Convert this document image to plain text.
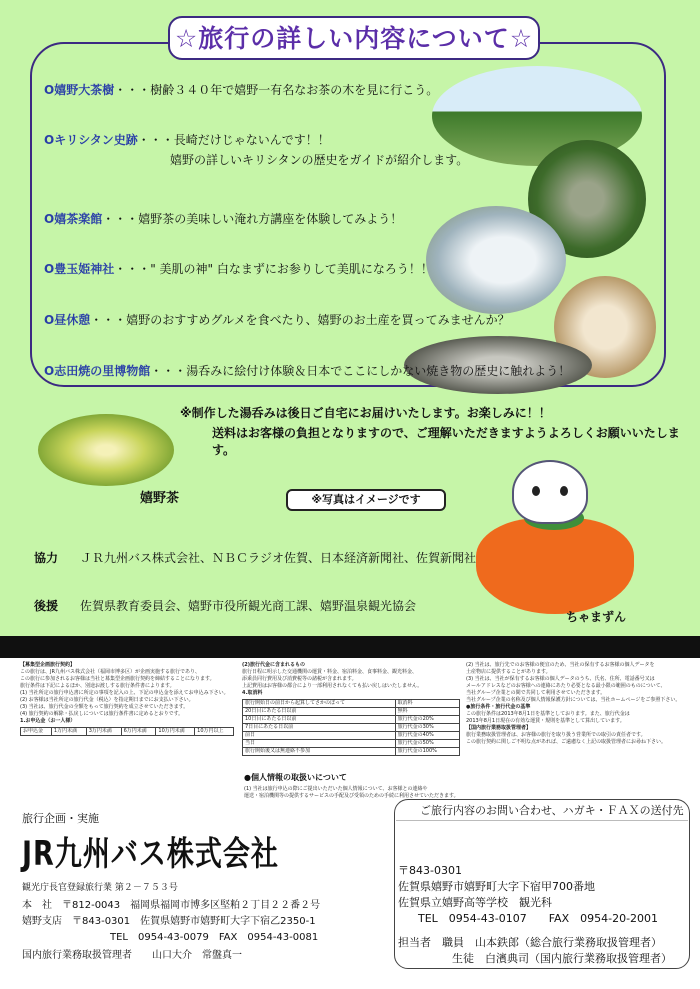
☆旅行の詳しい内容について☆
O嬉野大茶樹・・・樹齢３４０年で嬉野一有名なお茶の木を見に行こう。
Oキリシタン史跡・・・長崎だけじゃないんです！！
嬉野の詳しいキリシタンの歴史をガイドが紹介します。
O嬉茶楽館・・・嬉野茶の美味しい淹れ方講座を体験してみよう！
O豊玉姫神社・・・" 美肌の神" 白なまずにお参りして美肌になろう！！
O昼休憩・・・嬉野のおすすめグルメを食べたり、嬉野のお土産を買ってみませんか？
O志田焼の里博物館・・・湯呑みに絵付け体験＆日本でここにしかない焼き物の歴史に触れよう！
※制作した湯呑みは後日ご自宅にお届けいたします。お楽しみに！！
送料はお客様の負担となりますので、ご理解いただきますようよろしくお願いいたします。
嬉野茶	※写真はイメージです
ちゃまずん
協力 ＪＲ九州バス株式会社、ＮＢＣラジオ佐賀、日本経済新聞社、佐賀新聞社
後援 佐賀県教育委員会、嬉野市役所観光商工課、嬉野温泉観光協会
【募集型企画旅行契約】
この旅行は、JR九州バス株式会社（福岡市博多区）が企画実施する旅行であり、
この旅行に参加されるお客様は当社と募集型企画旅行契約を締結することになります。
旅行条件は下記によるほか、別途お渡しする旅行条件書によります。
(1) 当社所定の旅行申込書に所定の事項を記入の上、下記の申込金を添えてお申込み下さい。
(2) お客様は当社所定の旅行代金（税込）を指定期日までにお支払い下さい。
(3) 当社は、旅行代金の全額をもって旅行契約を成立させていただきます。
(4) 旅行契約の解除・払戻しについては旅行条件書に定めるとおりです。
1.お申込金（お一人様）
お申込金	1万円未満	3万円未満	6万円未満	10万円未満	10万円以上
(2)旅行代金に含まれるもの
旅行日程に明示した交通機関の運賃・料金、宿泊料金、食事料金、観光料金、
添乗員同行費用及び消費税等の諸税が含まれます。
上記費用はお客様の都合により一部利用されなくても払い戻しはいたしません。
4.取消料
旅行開始日の前日から起算してさかのぼって	取消料
20日目にあたる日以前	無料
10日目にあたる日以前	旅行代金の20%
7日目にあたる日以前	旅行代金の30%
前日	旅行代金の40%
当日	旅行代金の50%
旅行開始後又は無連絡不参加	旅行代金の100%
●個人情報の取扱いについて
(1) 当社は旅行申込の際にご提出いただいた個人情報について、お客様との連絡や
運送・宿泊機関等の提供するサービスの手配及び受領のための手続に利用させていただきます。
(2) 当社は、旅行先でのお客様の便宜のため、当社の保有するお客様の個人データを
土産物店に提供することがあります。
(3) 当社は、当社が保有するお客様の個人データのうち、氏名、住所、電話番号又は
メールアドレスなどのお客様への連絡にあたり必要となる最小限の範囲のものについて、
当社グループ企業との間で共同して利用させていただきます。
当社グループ企業の名称及び個人情報保護方針については、当社ホームページをご参照下さい。
●旅行条件・旅行代金の基準
この旅行条件は2013年8月1日を基準としております。また、旅行代金は
2013年8月1日現在の有効な運賃・規則を基準として算出しています。
【国内旅行業務取扱管理者】
旅行業務取扱管理者は、お客様の旅行を取り扱う営業所での取引の責任者です。
この旅行契約に関しご不明な点があれば、ご遠慮なく上記の取扱管理者にお尋ね下さい。
旅行企画・実施
JR九州バス株式会社
観光庁長官登録旅行業 第２－７５３号
本　社　 〒812-0043　福岡県福岡市博多区堅粕２丁目２２番２号
嬉野支店　 〒843-0301　佐賀県嬉野市嬉野町大字下宿乙2350-1
TEL　0954-43-0079　 FAX　0954-43-0081
国内旅行業務取扱管理者　　 山口大介　常盤真一
ご旅行内容のお問い合わせ、ハガキ・ＦＡＸの送付先
〒843-0301
佐賀県嬉野市嬉野町大字下宿甲700番地
佐賀県立嬉野高等学校　観光科
TEL　0954-43-0107　　 FAX　0954-20-2001
担当者　 職員　 山本鉄郎（総合旅行業務取扱管理者）
生徒　 白濱典司（国内旅行業務取扱管理者）
